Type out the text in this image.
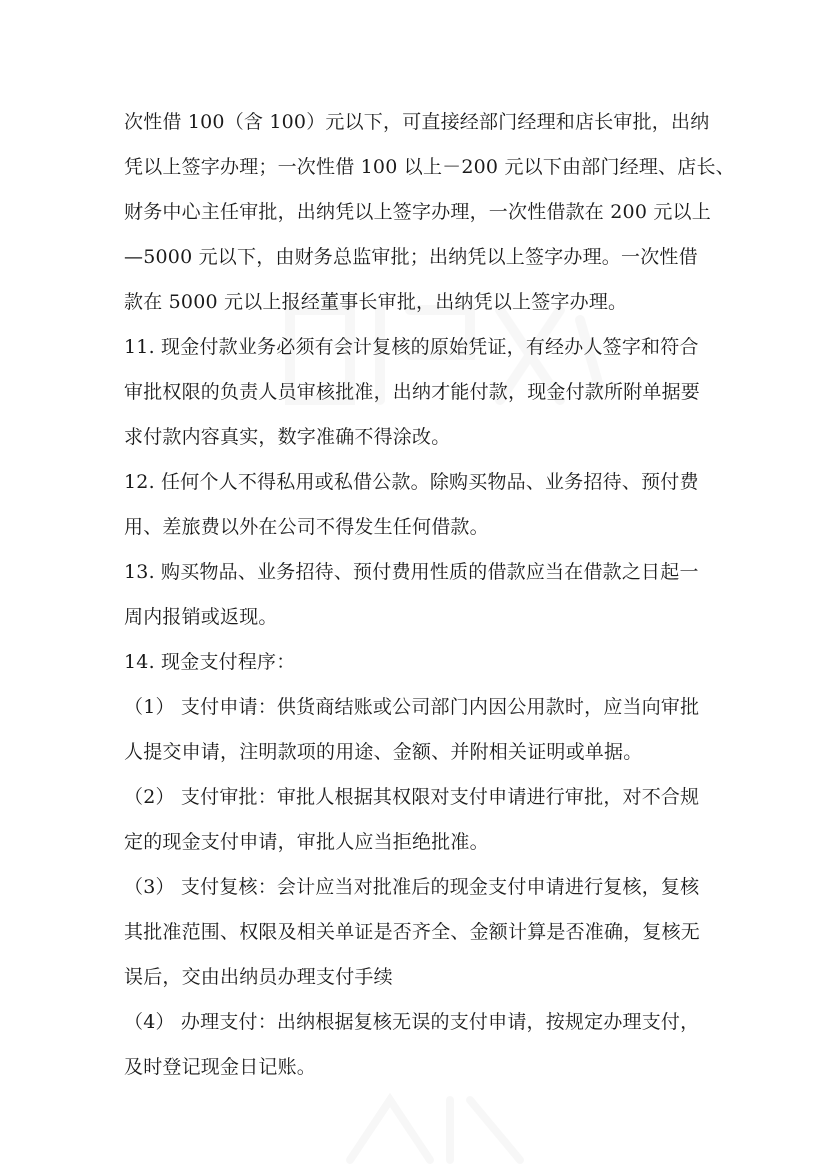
次性借 100（含 100）元以下，可直接经部门经理和店长审批，出纳
凭以上签字办理；一次性借 100 以上－200 元以下由部门经理、店长、
财务中心主任审批，出纳凭以上签字办理，一次性借款在 200 元以上
—5000 元以下，由财务总监审批；出纳凭以上签字办理。一次性借
款在 5000 元以上报经董事长审批，出纳凭以上签字办理。
11. 现金付款业务必须有会计复核的原始凭证，有经办人签字和符合
审批权限的负责人员审核批准，出纳才能付款，现金付款所附单据要
求付款内容真实，数字准确不得涂改。
12. 任何个人不得私用或私借公款。除购买物品、业务招待、预付费
用、差旅费以外在公司不得发生任何借款。
13. 购买物品、业务招待、预付费用性质的借款应当在借款之日起一
周内报销或返现。
14. 现金支付程序：
（1） 支付申请：供货商结账或公司部门内因公用款时，应当向审批
人提交申请，注明款项的用途、金额、并附相关证明或单据。
（2） 支付审批：审批人根据其权限对支付申请进行审批，对不合规
定的现金支付申请，审批人应当拒绝批准。
（3） 支付复核：会计应当对批准后的现金支付申请进行复核，复核
其批准范围、权限及相关单证是否齐全、金额计算是否准确，复核无
误后，交由出纳员办理支付手续
（4） 办理支付：出纳根据复核无误的支付申请，按规定办理支付，
及时登记现金日记账。
